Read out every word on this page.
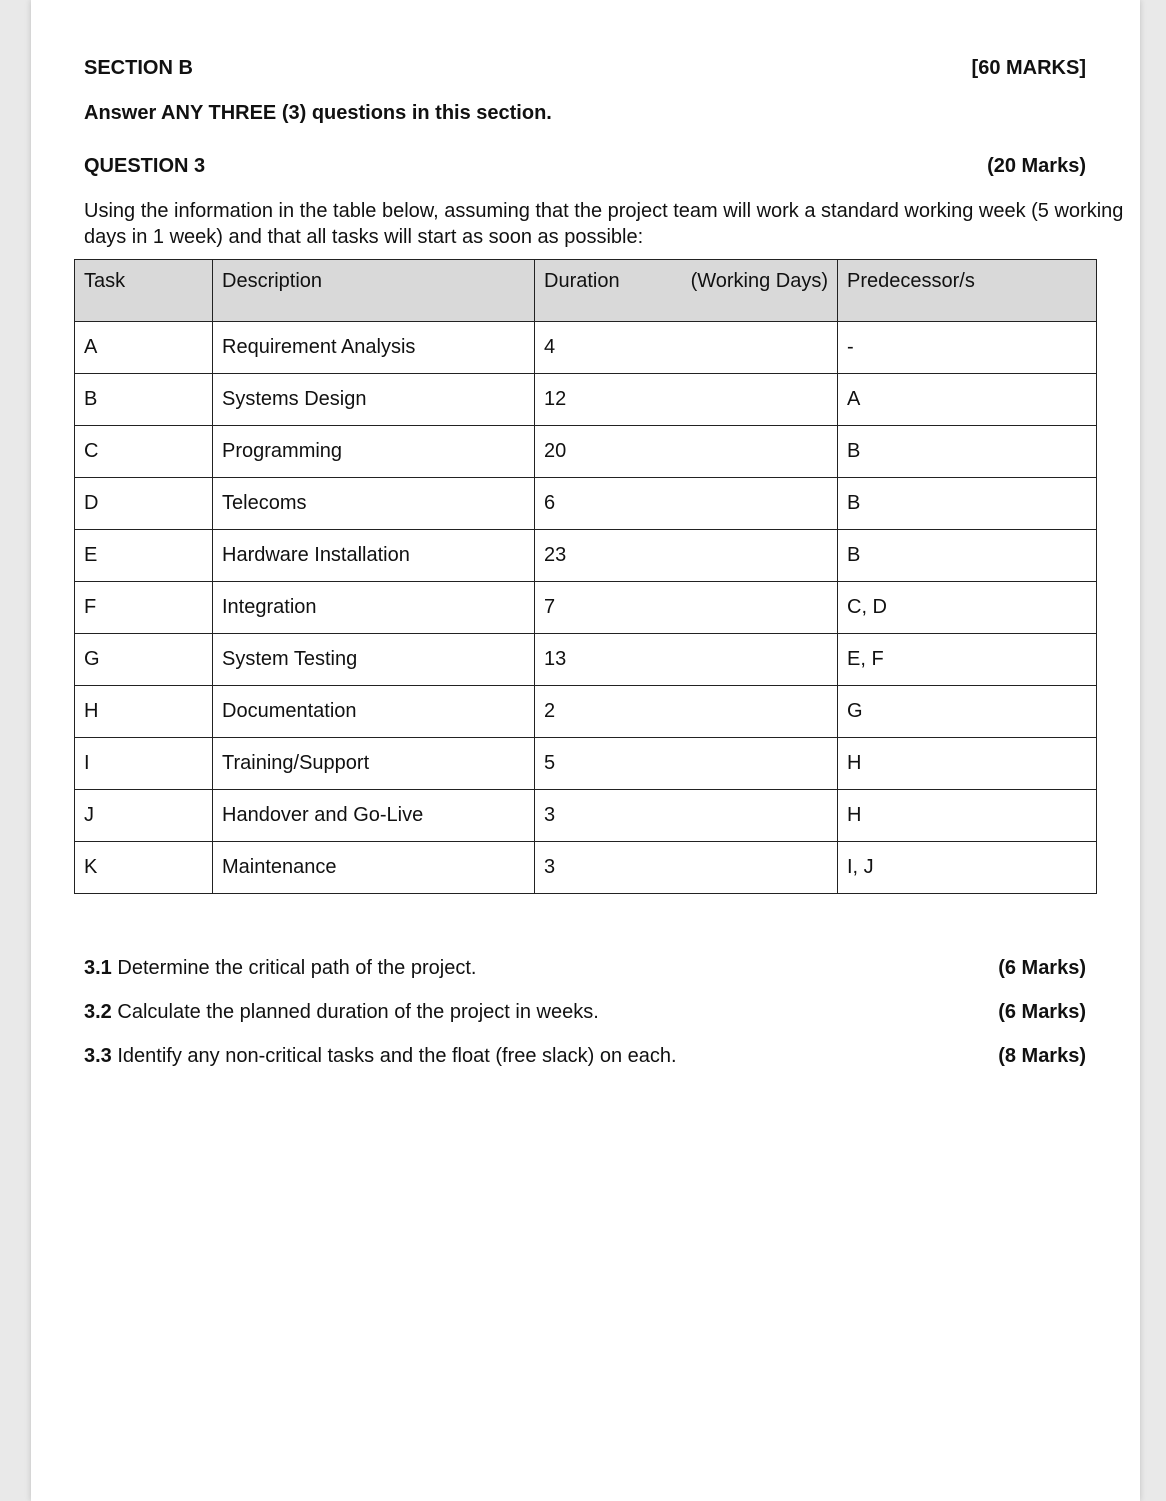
SECTION B	[60 MARKS]
Answer ANY THREE (3) questions in this section.
QUESTION 3	(20 Marks)
Using the information in the table below, assuming that the project team will work a standard working week (5 working
days in 1 week) and that all tasks will start as soon as possible:
Task	Description	Duration (Working Days)	Predecessor/s
A	Requirement Analysis	4	-
B	Systems Design	12	A
C	Programming	20	B
D	Telecoms	6	B
E	Hardware Installation	23	B
F	Integration	7	C, D
G	System Testing	13	E, F
H	Documentation	2	G
I	Training/Support	5	H
J	Handover and Go-Live	3	H
K	Maintenance	3	I, J
3.1 Determine the critical path of the project.	(6 Marks)
3.2 Calculate the planned duration of the project in weeks.	(6 Marks)
3.3 Identify any non-critical tasks and the float (free slack) on each.	(8 Marks)
